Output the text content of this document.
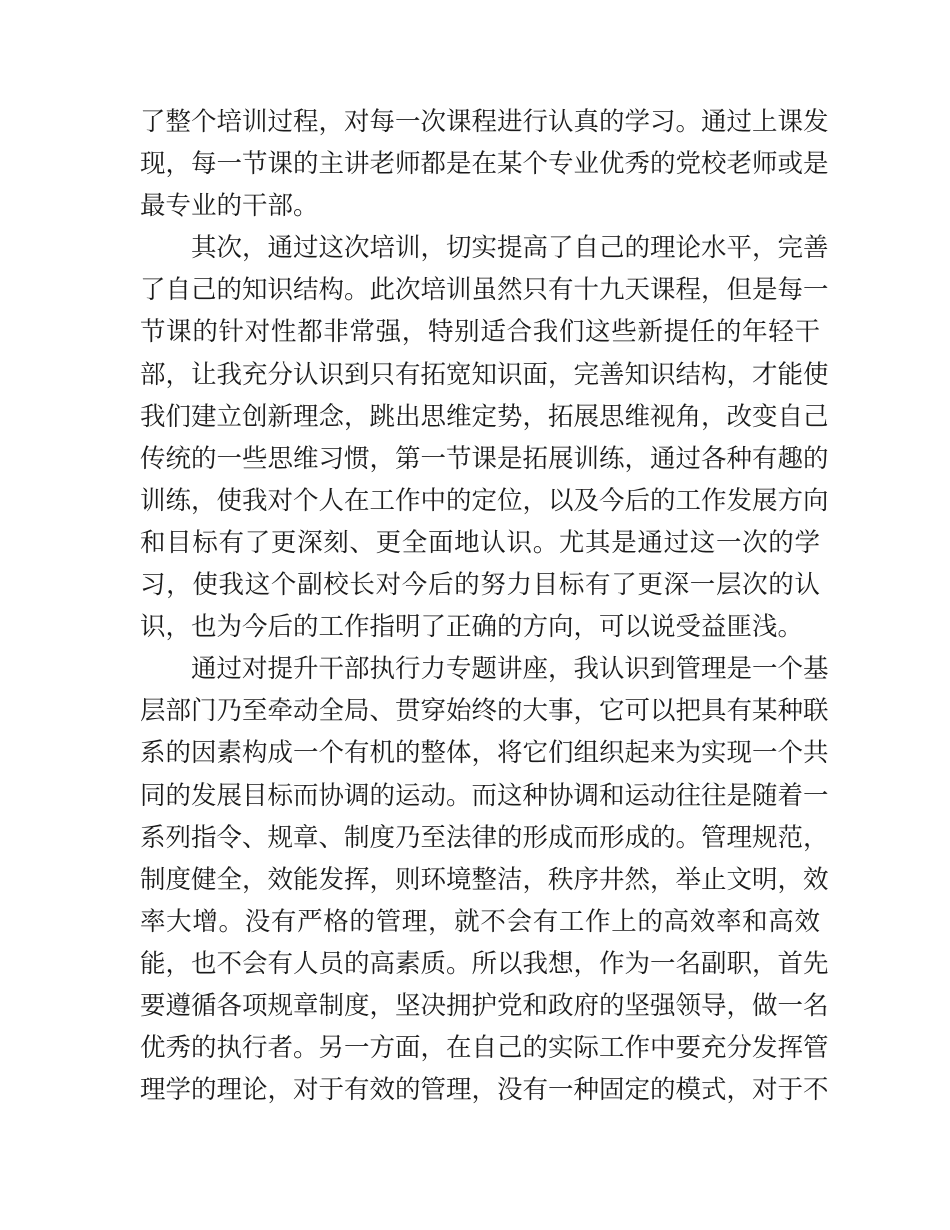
了整个培训过程，对每一次课程进行认真的学习。通过上课发
现，每一节课的主讲老师都是在某个专业优秀的党校老师或是
最专业的干部。
其次，通过这次培训，切实提高了自己的理论水平，完善
了自己的知识结构。此次培训虽然只有十九天课程，但是每一
节课的针对性都非常强，特别适合我们这些新提任的年轻干
部，让我充分认识到只有拓宽知识面，完善知识结构，才能使
我们建立创新理念，跳出思维定势，拓展思维视角，改变自己
传统的一些思维习惯，第一节课是拓展训练，通过各种有趣的
训练，使我对个人在工作中的定位，以及今后的工作发展方向
和目标有了更深刻、更全面地认识。尤其是通过这一次的学
习，使我这个副校长对今后的努力目标有了更深一层次的认
识，也为今后的工作指明了正确的方向，可以说受益匪浅。
通过对提升干部执行力专题讲座，我认识到管理是一个基
层部门乃至牵动全局、贯穿始终的大事，它可以把具有某种联
系的因素构成一个有机的整体，将它们组织起来为实现一个共
同的发展目标而协调的运动。而这种协调和运动往往是随着一
系列指令、规章、制度乃至法律的形成而形成的。管理规范，
制度健全，效能发挥，则环境整洁，秩序井然，举止文明，效
率大增。没有严格的管理，就不会有工作上的高效率和高效
能，也不会有人员的高素质。所以我想，作为一名副职，首先
要遵循各项规章制度，坚决拥护党和政府的坚强领导，做一名
优秀的执行者。另一方面，在自己的实际工作中要充分发挥管
理学的理论，对于有效的管理，没有一种固定的模式，对于不
